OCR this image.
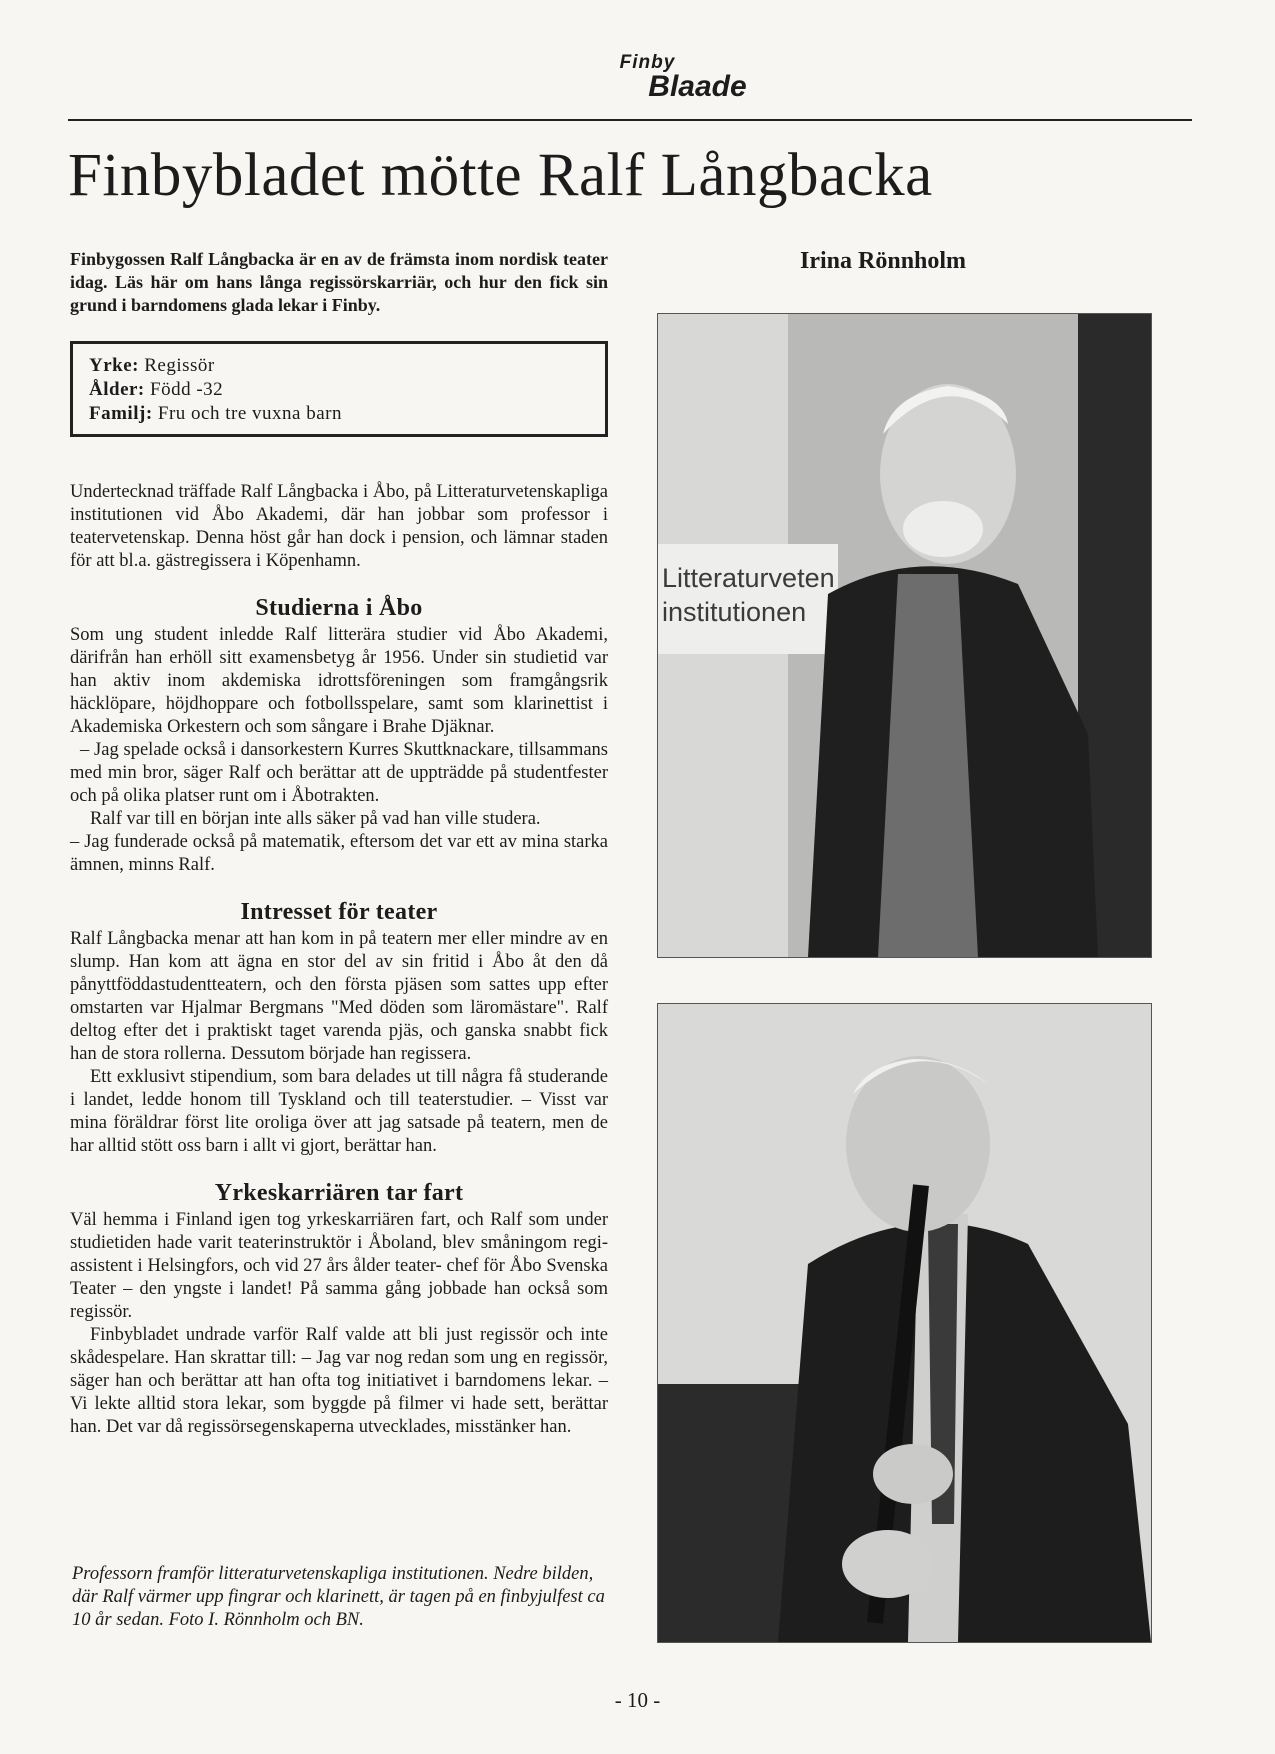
Finby
Blaade
Finbybladet mötte Ralf Långbacka
Irina Rönnholm

Finbygossen Ralf Långbacka är en av de främsta inom nordisk teater idag. Läs här om hans långa regissörskarriär, och hur den fick sin grund i barndomens glada lekar i Finby.

Yrke: Regissör
Ålder: Född -32
Familj: Fru och tre vuxna barn

Undertecknad träffade Ralf Långbacka i Åbo, på Litteraturvetenskapliga institutionen vid Åbo Akademi, där han jobbar som professor i teatervetenskap. Denna höst går han dock i pension, och lämnar staden för att bl.a. gästregissera i Köpenhamn.

Studierna i Åbo

Som ung student inledde Ralf litterära studier vid Åbo Akademi, därifrån han erhöll sitt examensbetyg år 1956. Under sin studietid var han aktiv inom akdemiska idrottsföreningen som framgångsrik häcklöpare, höjdhoppare och fotbollsspelare, samt som klarinettist i Akademiska Orkestern och som sångare i Brahe Djäknar.

– Jag spelade också i dansorkestern Kurres Skuttknackare, tillsammans med min bror, säger Ralf och berättar att de uppträdde på studentfester och på olika platser runt om i Åbotrakten.

Ralf var till en början inte alls säker på vad han ville studera.

– Jag funderade också på matematik, eftersom det var ett av mina starka ämnen, minns Ralf.

Intresset för teater

Ralf Långbacka menar att han kom in på teatern mer eller mindre av en slump. Han kom att ägna en stor del av sin fritid i Åbo åt den då pånyttföddastudentteatern, och den första pjäsen som sattes upp efter omstarten var Hjalmar Bergmans "Med döden som läromästare". Ralf deltog efter det i praktiskt taget varenda pjäs, och ganska snabbt fick han de stora rollerna. Dessutom började han regissera.

Ett exklusivt stipendium, som bara delades ut till några få studerande i landet, ledde honom till Tyskland och till teaterstudier. – Visst var mina föräldrar först lite oroliga över att jag satsade på teatern, men de har alltid stött oss barn i allt vi gjort, berättar han.

Yrkeskarriären tar fart

Väl hemma i Finland igen tog yrkeskarriären fart, och Ralf som under studietiden hade varit teaterinstruktör i Åboland, blev småningom regi-assistent i Helsingfors, och vid 27 års ålder teater- chef för Åbo Svenska Teater – den yngste i landet! På samma gång jobbade han också som regissör.

Finbybladet undrade varför Ralf valde att bli just regissör och inte skådespelare. Han skrattar till: – Jag var nog redan som ung en regissör, säger han och berättar att han ofta tog initiativet i barndomens lekar. – Vi lekte alltid stora lekar, som byggde på filmer vi hade sett, berättar han. Det var då regissörsegenskaperna utvecklades, misstänker han.

Professorn framför litteraturvetenskapliga institutionen. Nedre bilden, där Ralf värmer upp fingrar och klarinett, är tagen på en finbyjulfest ca 10 år sedan. Foto I. Rönnholm och BN.

Litteraturveten
institutionen
- 10 -
